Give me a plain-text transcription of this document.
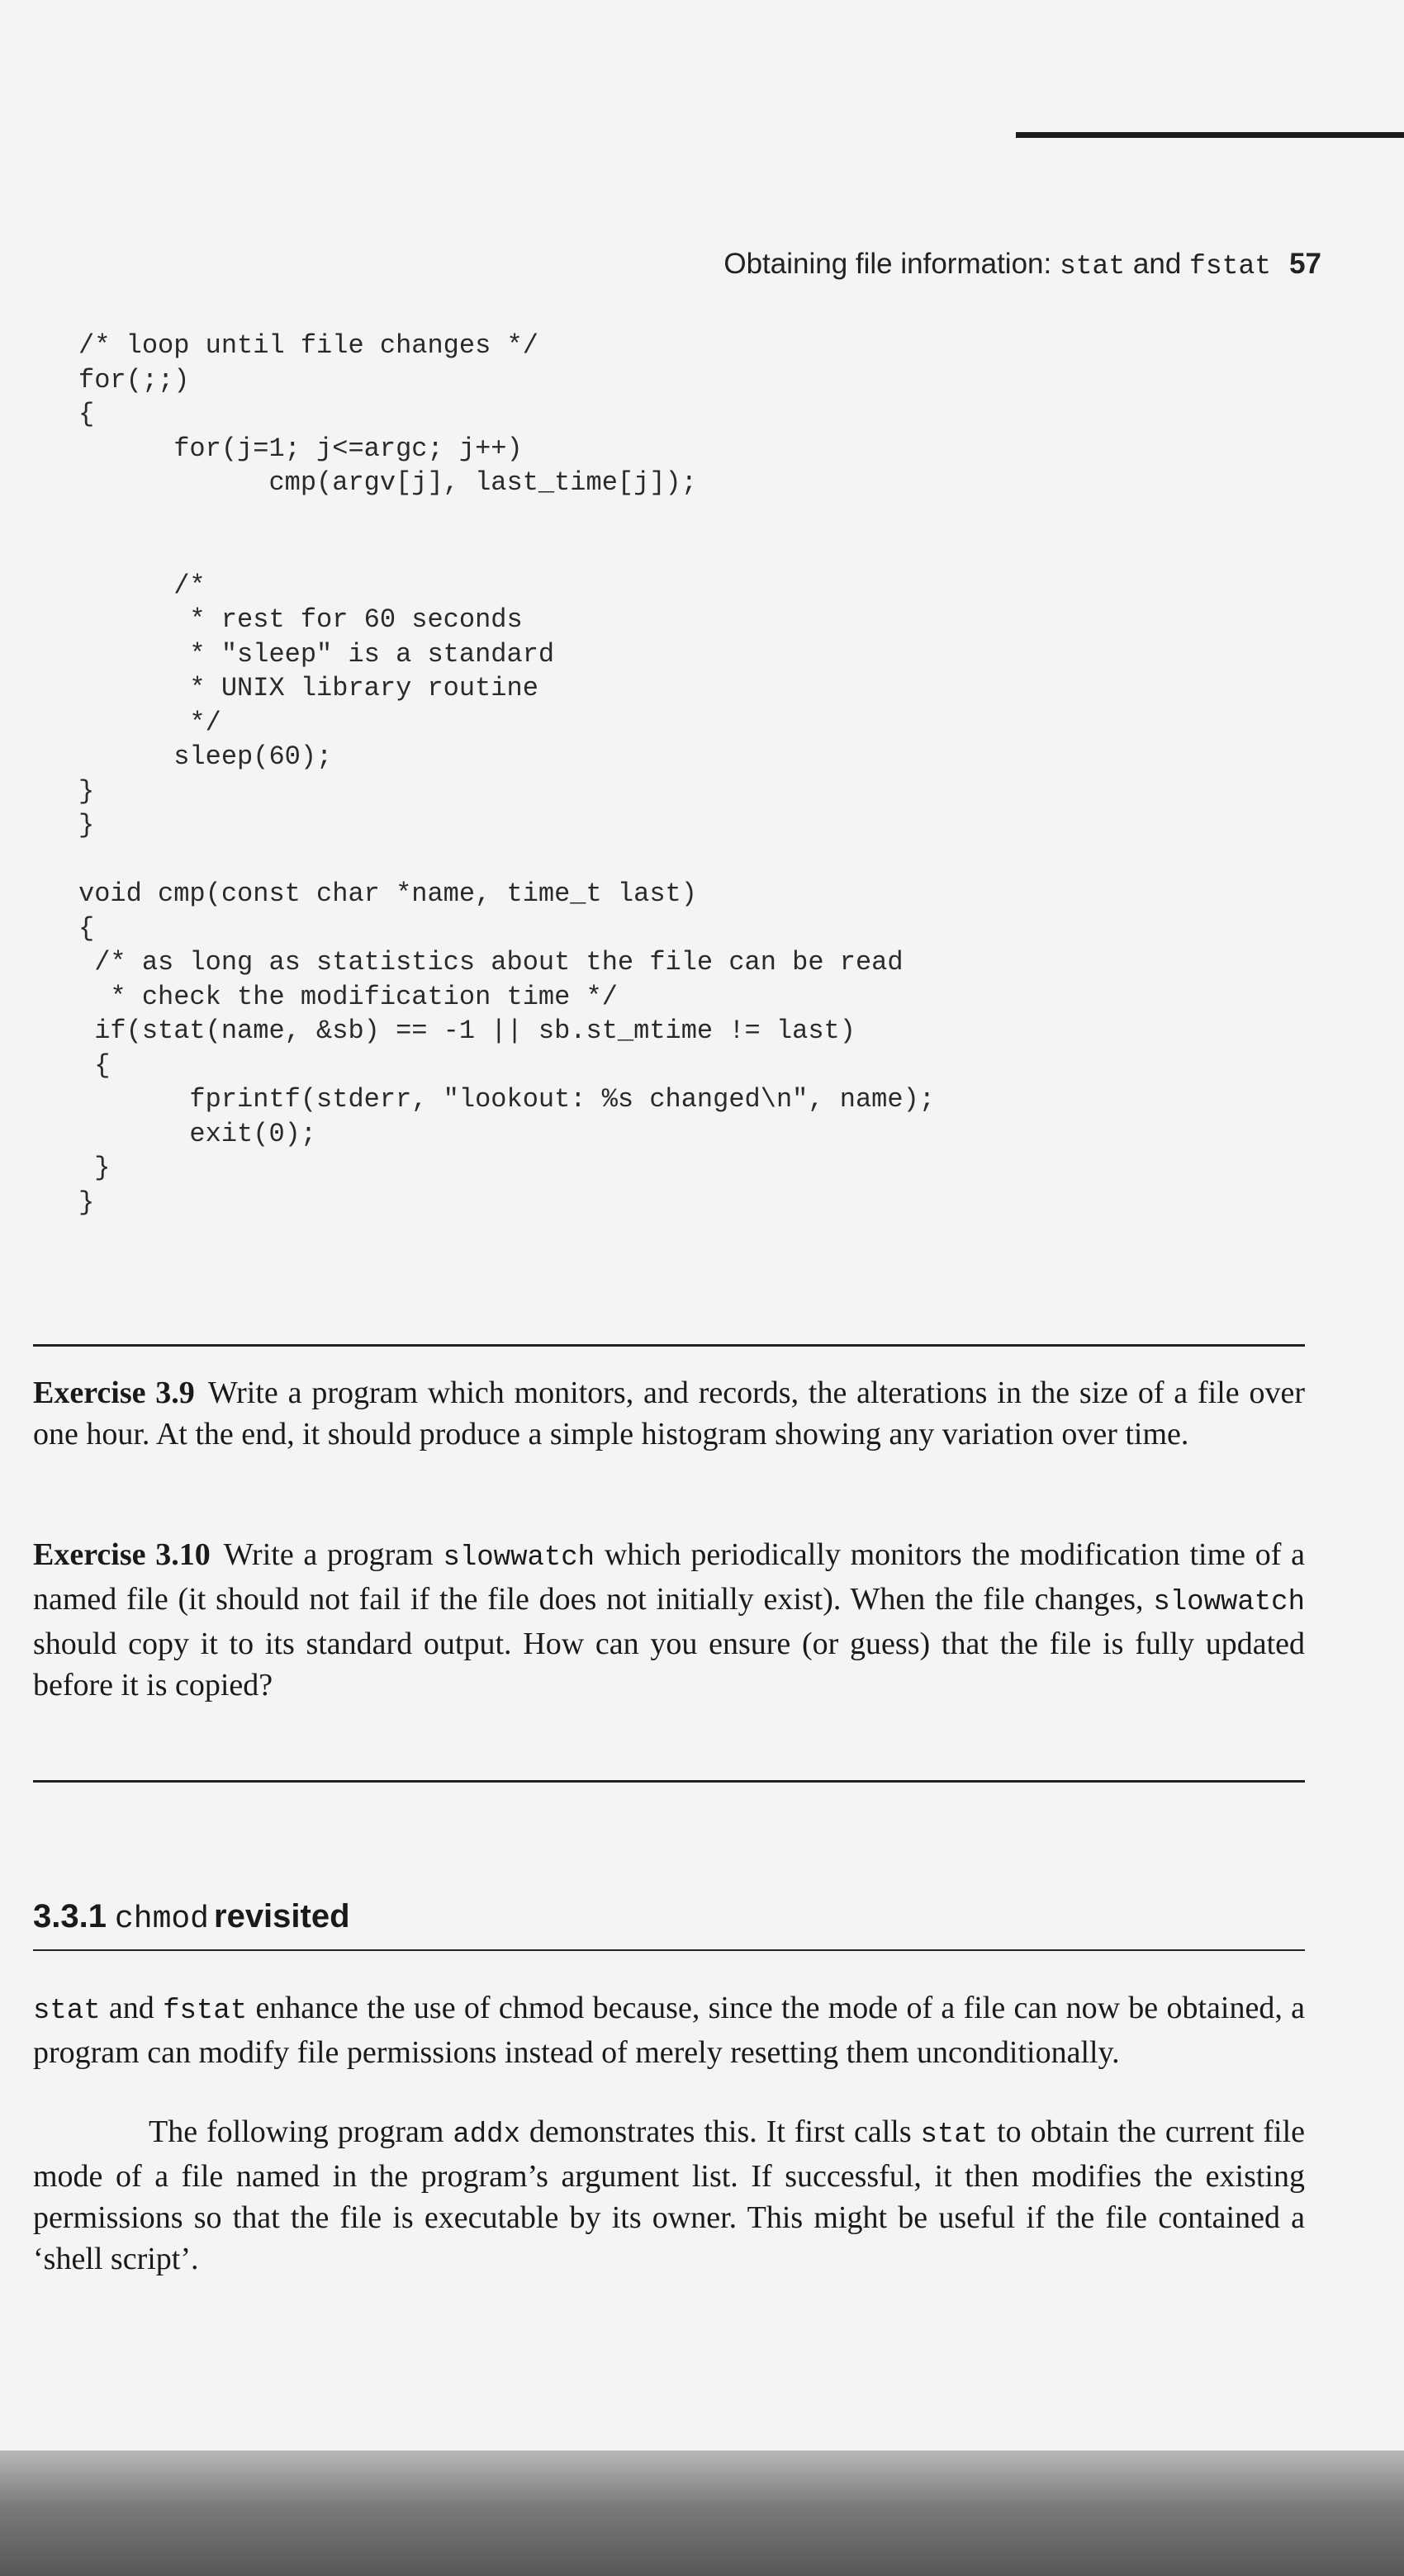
Obtaining file information: stat and fstat 57
/* loop until file changes */
for(;;)
{
for(j=1; j<=argc; j++)
cmp(argv[j], last_time[j]);

/*
* rest for 60 seconds
* "sleep" is a standard
* UNIX library routine
*/
sleep(60);
}
}

void cmp(const char *name, time_t last)
{
/* as long as statistics about the file can be read
* check the modification time */
if(stat(name, &sb) == -1 || sb.st_mtime != last)
{
fprintf(stderr, "lookout: %s changed\n", name);
exit(0);
}
}
Exercise 3.9 Write a program which monitors, and records, the alterations in the size of a file over one hour. At the end, it should produce a simple histogram showing any variation over time.
Exercise 3.10 Write a program slowwatch which periodically monitors the modification time of a named file (it should not fail if the file does not initially exist). When the file changes, slowwatch should copy it to its standard output. How can you ensure (or guess) that the file is fully updated before it is copied?
3.3.1 chmod revisited
stat and fstat enhance the use of chmod because, since the mode of a file can now be obtained, a program can modify file permissions instead of merely resetting them unconditionally.
The following program addx demonstrates this. It first calls stat to obtain the current file mode of a file named in the program’s argument list. If successful, it then modifies the existing permissions so that the file is executable by its owner. This might be useful if the file contained a ‘shell script’.
